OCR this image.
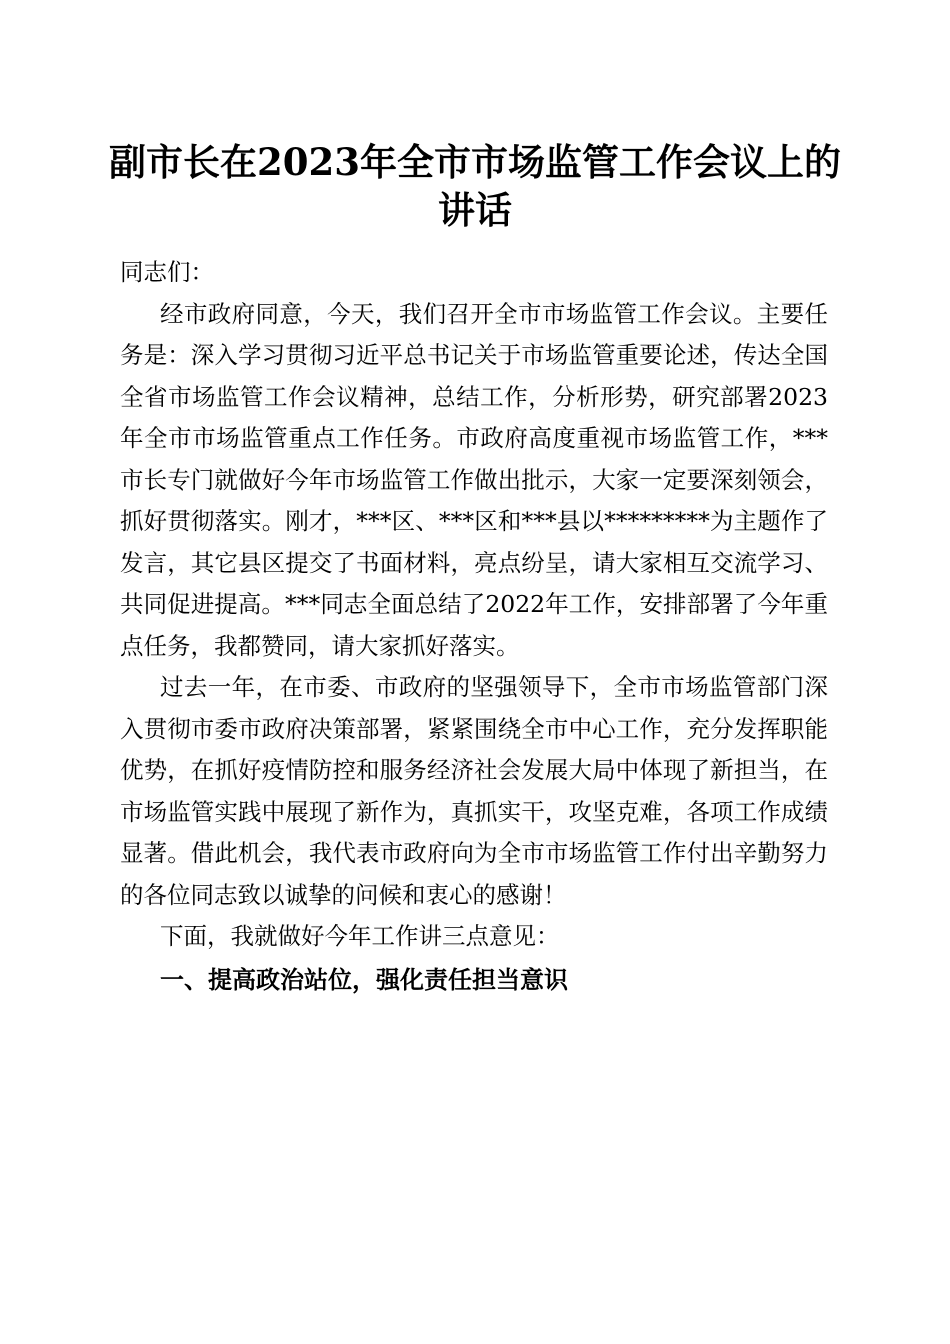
副市长在2023年全市市场监管工作会议上的
讲话

同志们：

经市政府同意，今天，我们召开全市市场监管工作会议。主要任务是：深入学习贯彻习近平总书记关于市场监管重要论述，传达全国全省市场监管工作会议精神，总结工作，分析形势，研究部署2023年全市市场监管重点工作任务。市政府高度重视市场监管工作，***市长专门就做好今年市场监管工作做出批示，大家一定要深刻领会，抓好贯彻落实。刚才，***区、***区和***县以*********为主题作了发言，其它县区提交了书面材料，亮点纷呈，请大家相互交流学习、共同促进提高。***同志全面总结了2022年工作，安排部署了今年重点任务，我都赞同，请大家抓好落实。

过去一年，在市委、市政府的坚强领导下，全市市场监管部门深入贯彻市委市政府决策部署，紧紧围绕全市中心工作，充分发挥职能优势，在抓好疫情防控和服务经济社会发展大局中体现了新担当，在市场监管实践中展现了新作为，真抓实干，攻坚克难，各项工作成绩显著。借此机会，我代表市政府向为全市市场监管工作付出辛勤努力的各位同志致以诚挚的问候和衷心的感谢！

下面，我就做好今年工作讲三点意见：

一、提高政治站位，强化责任担当意识
